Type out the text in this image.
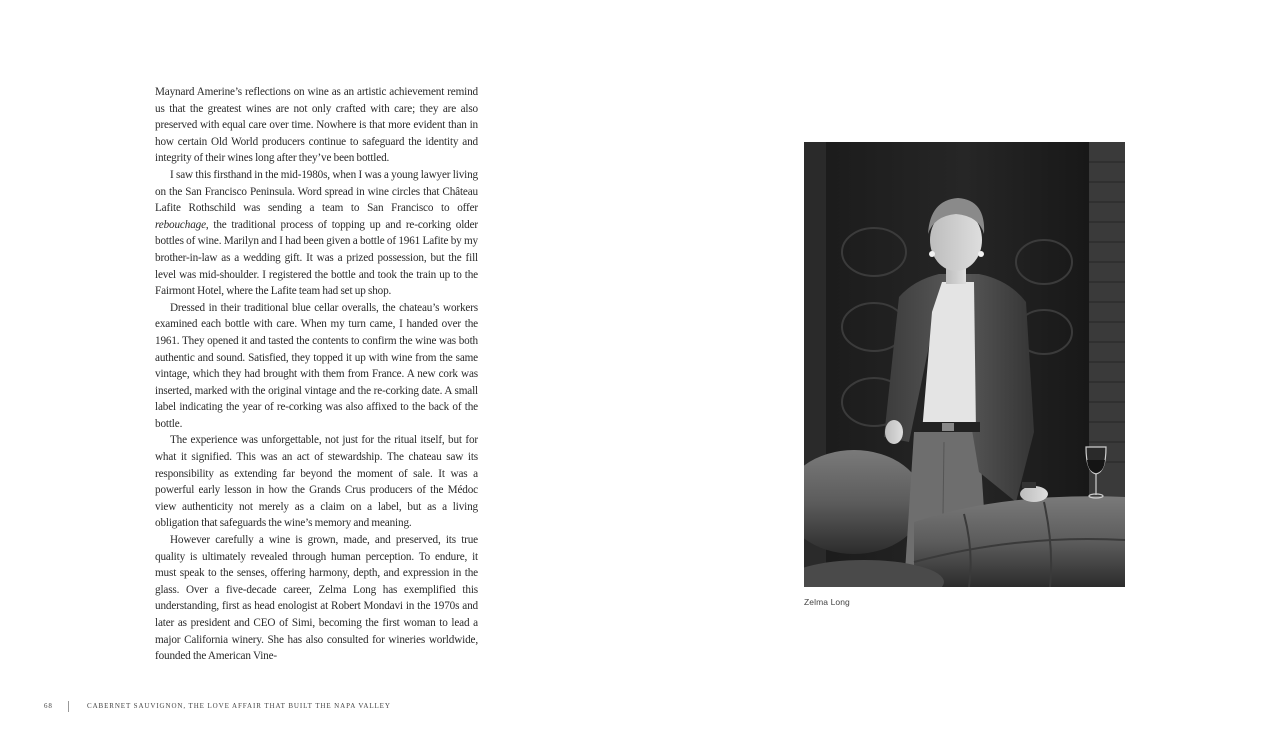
Maynard Amerine’s reflections on wine as an artistic achievement remind us that the greatest wines are not only crafted with care; they are also preserved with equal care over time. Nowhere is that more evident than in how certain Old World producers continue to safeguard the identity and integrity of their wines long after they’ve been bottled.

I saw this firsthand in the mid-1980s, when I was a young lawyer living on the San Francisco Peninsula. Word spread in wine circles that Château Lafite Rothschild was sending a team to San Francisco to offer rebouchage, the traditional process of topping up and re-corking older bottles of wine. Marilyn and I had been given a bottle of 1961 Lafite by my brother-in-law as a wedding gift. It was a prized possession, but the fill level was mid-shoulder. I registered the bottle and took the train up to the Fairmont Hotel, where the Lafite team had set up shop.

Dressed in their traditional blue cellar overalls, the chateau’s workers examined each bottle with care. When my turn came, I handed over the 1961. They opened it and tasted the contents to confirm the wine was both authentic and sound. Satisfied, they topped it up with wine from the same vintage, which they had brought with them from France. A new cork was inserted, marked with the original vintage and the re-corking date. A small label indicating the year of re-corking was also affixed to the back of the bottle.

The experience was unforgettable, not just for the ritual itself, but for what it signified. This was an act of stewardship. The chateau saw its responsibility as extending far beyond the moment of sale. It was a powerful early lesson in how the Grands Crus producers of the Médoc view authenticity not merely as a claim on a label, but as a living obligation that safeguards the wine’s memory and meaning.

However carefully a wine is grown, made, and preserved, its true quality is ultimately revealed through human perception. To endure, it must speak to the senses, offering harmony, depth, and expression in the glass. Over a five-decade career, Zelma Long has exemplified this understanding, first as head enologist at Robert Mondavi in the 1970s and later as president and CEO of Simi, becoming the first woman to lead a major California winery. She has also consulted for wineries worldwide, founded the American Vine-

Zelma Long
68	CABERNET SAUVIGNON, THE LOVE AFFAIR THAT BUILT THE NAPA VALLEY
